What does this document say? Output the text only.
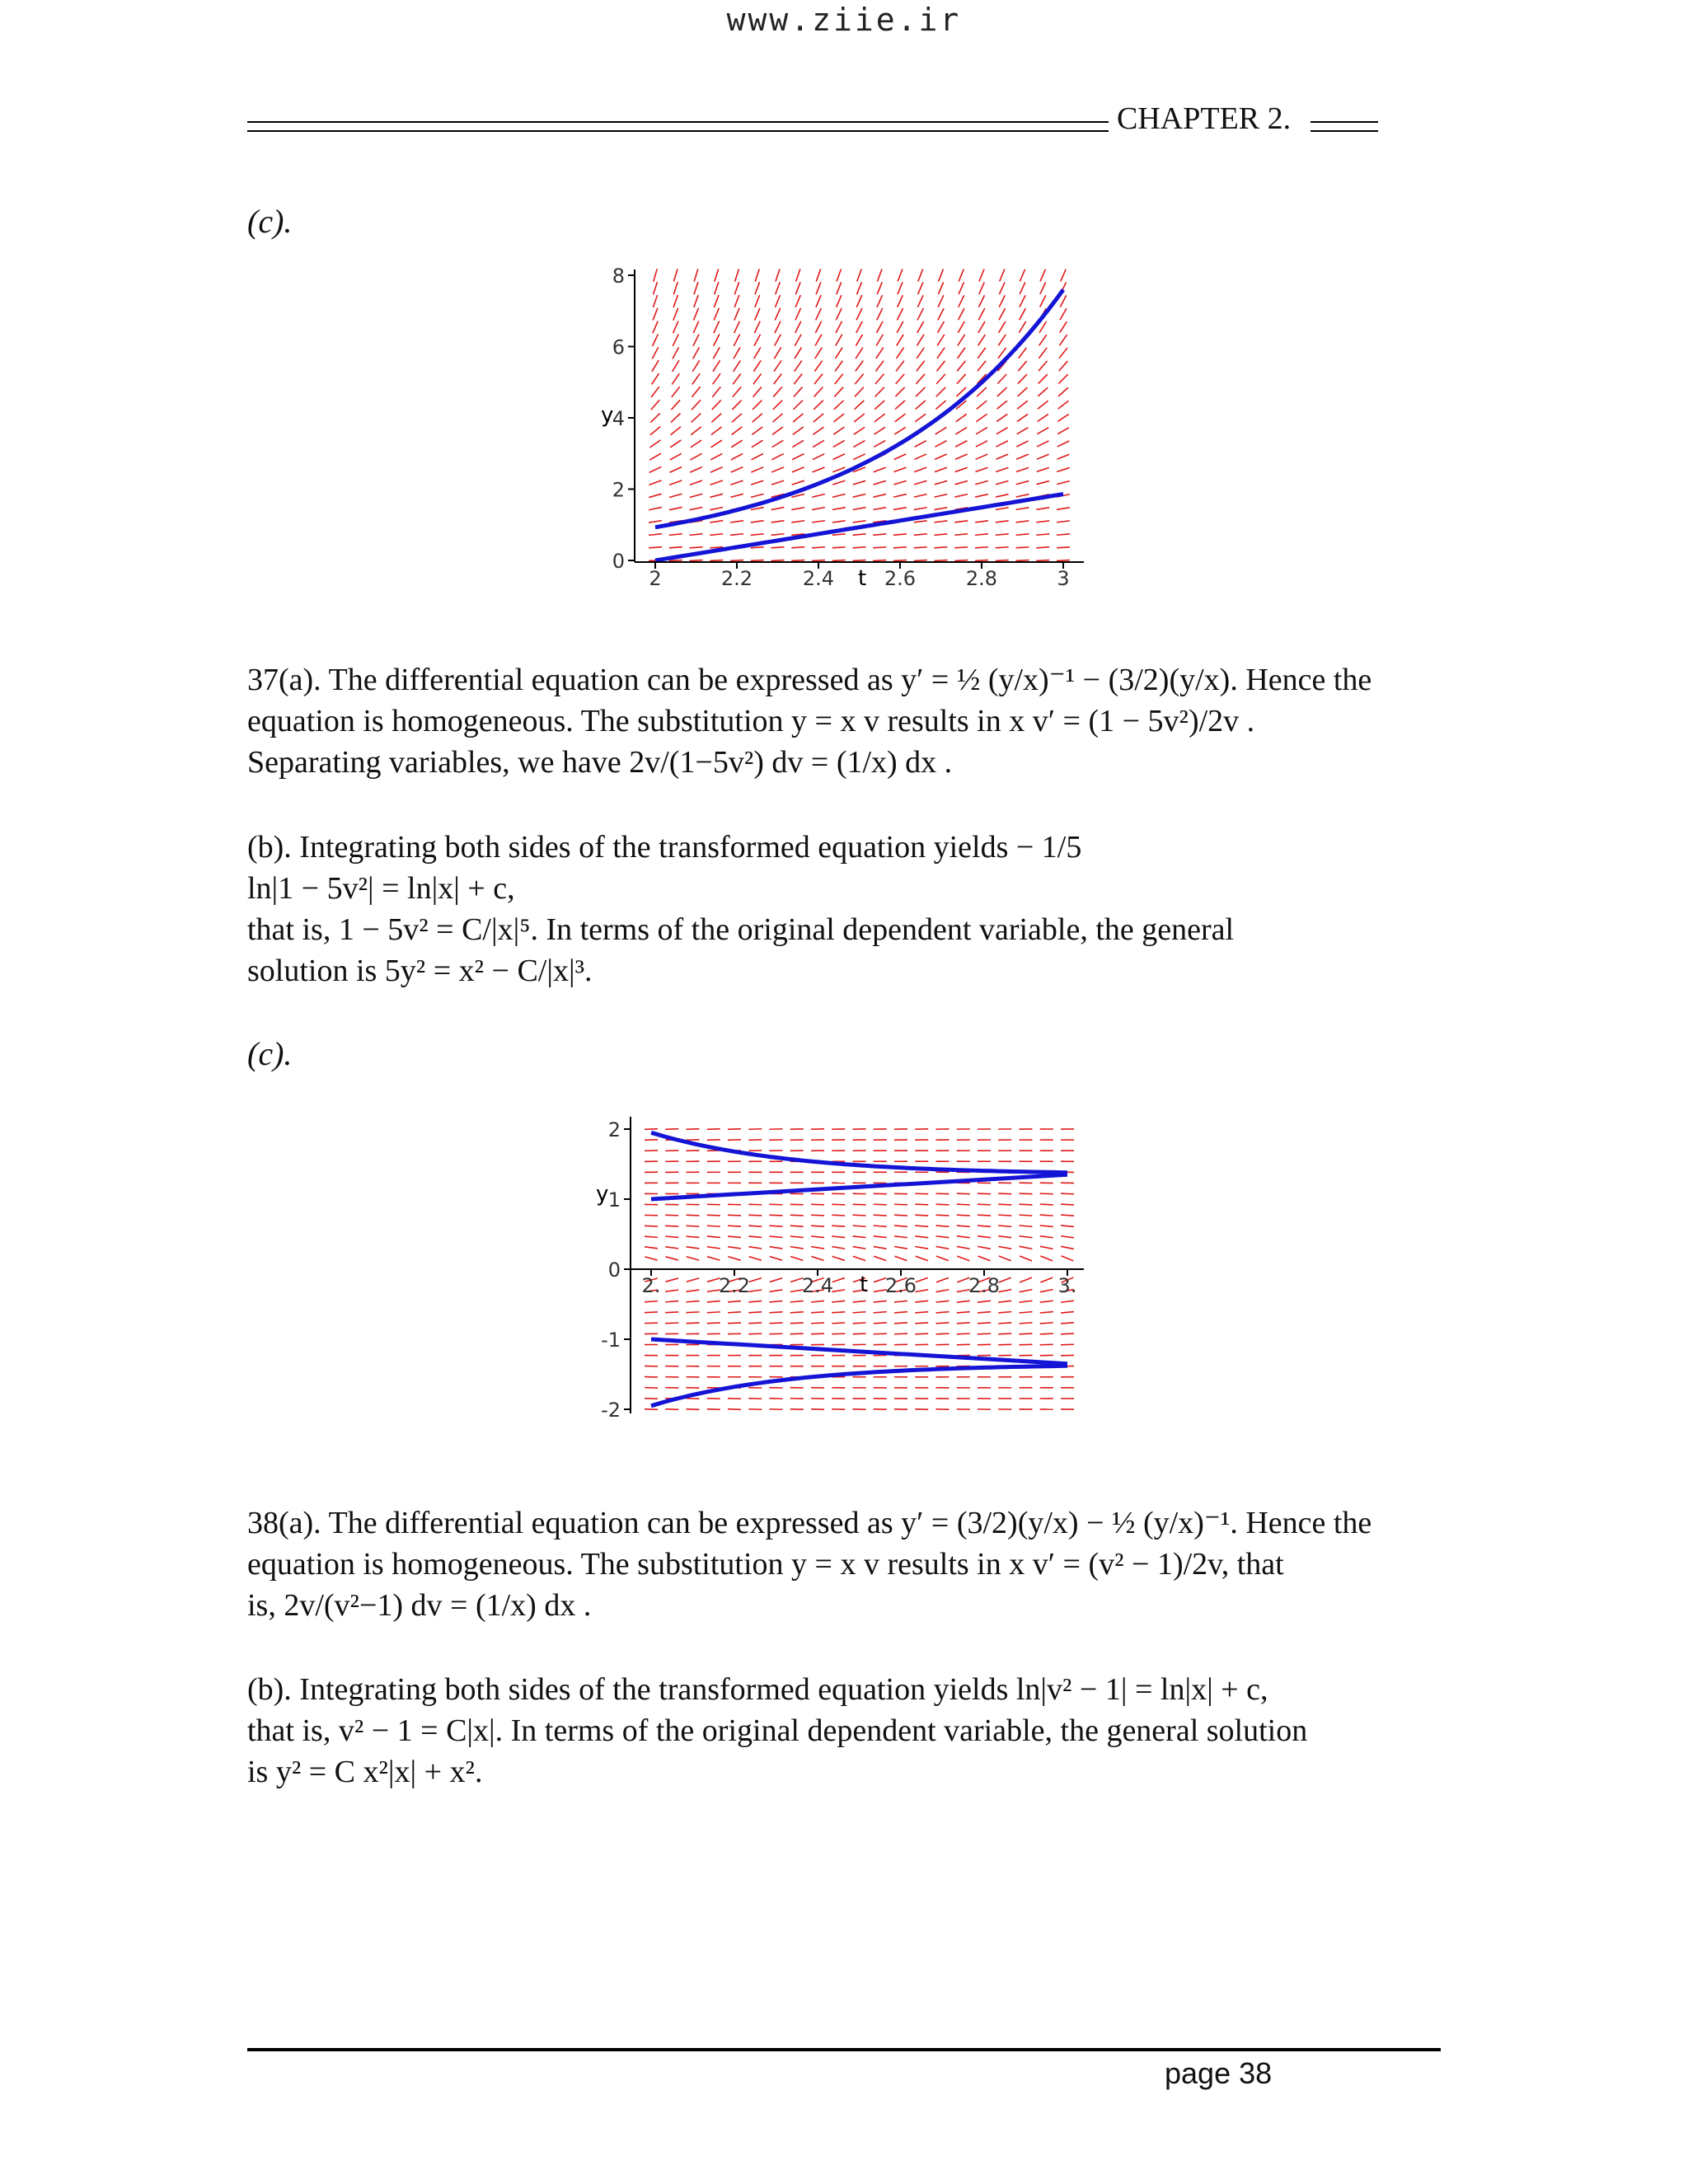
www.ziie.ir
CHAPTER 2.
(c).
2	2.2	2.4	2.6	2.8	3
0
2
4
6
8
y
t

37(a). The differential equation can be expressed as y′ = ½ (y/x)⁻¹ − (3/2)(y/x). Hence the

equation is homogeneous. The substitution y = x v results in x v′ = (1 − 5v²)/2v .

Separating variables, we have 2v/(1−5v²) dv = (1/x) dx .

(b). Integrating both sides of the transformed equation yields − 1/5

ln|1 − 5v²| = ln|x| + c,

that is, 1 − 5v² = C/|x|⁵. In terms of the original dependent variable, the general

solution is 5y² = x² − C/|x|³.

(c).
2.	2.2	2.4	2.6	2.8	3.
-2
-1
0
1
2
y
t

38(a). The differential equation can be expressed as y′ = (3/2)(y/x) − ½ (y/x)⁻¹. Hence the

equation is homogeneous. The substitution y = x v results in x v′ = (v² − 1)/2v, that

is, 2v/(v²−1) dv = (1/x) dx .

(b). Integrating both sides of the transformed equation yields ln|v² − 1| = ln|x| + c,

that is, v² − 1 = C|x|. In terms of the original dependent variable, the general solution

is y² = C x²|x| + x².

page 38
